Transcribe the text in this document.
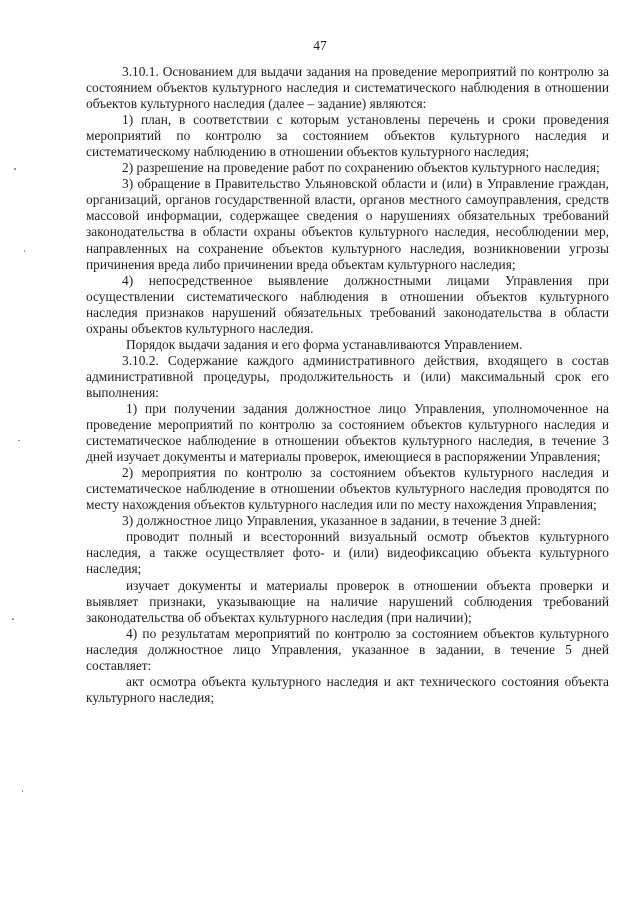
47

3.10.1. Основанием для выдачи задания на проведение мероприятий по контролю за состоянием объектов культурного наследия и систематического наблюдения в отношении объектов культурного наследия (далее – задание) являются:

1) план, в соответствии с которым установлены перечень и сроки проведения мероприятий по контролю за состоянием объектов культурного наследия и систематическому наблюдению в отношении объектов культурного наследия;

2) разрешение на проведение работ по сохранению объектов культурного наследия;

3) обращение в Правительство Ульяновской области и (или) в Управление граждан, организаций, органов государственной власти, органов местного самоуправления, средств массовой информации, содержащее сведения о нарушениях обязательных требований законодательства в области охраны объектов культурного наследия, несоблюдении мер, направленных на сохранение объектов культурного наследия, возникновении угрозы причинения вреда либо причинении вреда объектам культурного наследия;

4) непосредственное выявление должностными лицами Управления при осуществлении систематического наблюдения в отношении объектов культурного наследия признаков нарушений обязательных требований законодательства в области охраны объектов культурного наследия.

Порядок выдачи задания и его форма устанавливаются Управлением.

3.10.2. Содержание каждого административного действия, входящего в состав административной процедуры, продолжительность и (или) максимальный срок его выполнения:

1) при получении задания должностное лицо Управления, уполномоченное на проведение мероприятий по контролю за состоянием объектов культурного наследия и систематическое наблюдение в отношении объектов культурного наследия, в течение 3 дней изучает документы и материалы проверок, имеющиеся в распоряжении Управления;

2) мероприятия по контролю за состоянием объектов культурного наследия и систематическое наблюдение в отношении объектов культурного наследия проводятся по месту нахождения объектов культурного наследия или по месту нахождения Управления;

3) должностное лицо Управления, указанное в задании, в течение 3 дней:

проводит полный и всесторонний визуальный осмотр объектов культурного наследия, а также осуществляет фото- и (или) видеофиксацию объекта культурного наследия;

изучает документы и материалы проверок в отношении объекта проверки и выявляет признаки, указывающие на наличие нарушений соблюдения требований законодательства об объектах культурного наследия (при наличии);

4) по результатам мероприятий по контролю за состоянием объектов культурного наследия должностное лицо Управления, указанное в задании, в течение 5 дней составляет:

акт осмотра объекта культурного наследия и акт технического состояния объекта культурного наследия;
